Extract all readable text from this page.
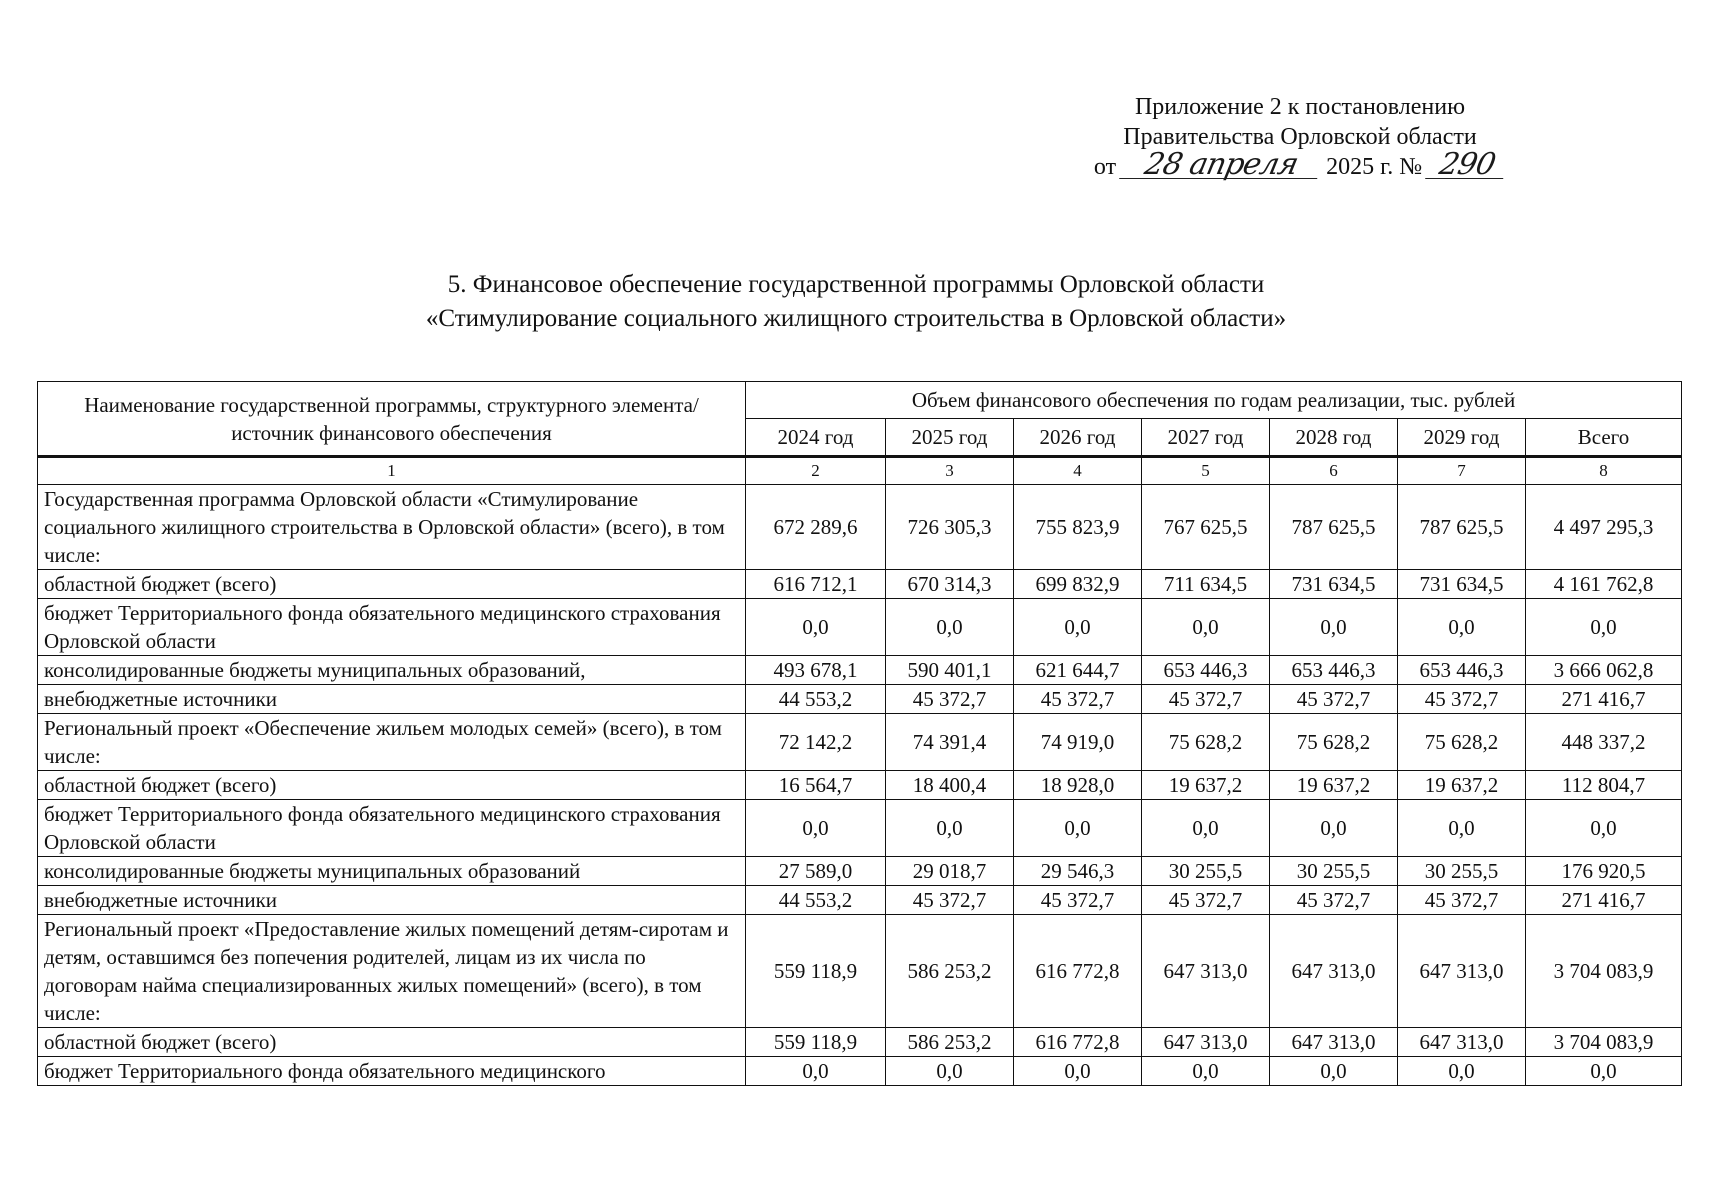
Приложение 2 к постановлению
Правительства Орловской области
от 28 апреля 2025 г. № 290
5. Финансовое обеспечение государственной программы Орловской области
«Стимулирование социального жилищного строительства в Орловской области»
Наименование государственной программы, структурного элемента/источник финансового обеспечения	Объем финансового обеспечения по годам реализации, тыс. рублей						
	2024 год	2025 год	2026 год	2027 год	2028 год	2029 год	Всего
1	2	3	4	5	6	7	8
Государственная программа Орловской области «Стимулирование социального жилищного строительства в Орловской области» (всего), в том числе:	672 289,6	726 305,3	755 823,9	767 625,5	787 625,5	787 625,5	4 497 295,3
областной бюджет (всего)	616 712,1	670 314,3	699 832,9	711 634,5	731 634,5	731 634,5	4 161 762,8
бюджет Территориального фонда обязательного медицинского страхования Орловской области	0,0	0,0	0,0	0,0	0,0	0,0	0,0
консолидированные бюджеты муниципальных образований,	493 678,1	590 401,1	621 644,7	653 446,3	653 446,3	653 446,3	3 666 062,8
внебюджетные источники	44 553,2	45 372,7	45 372,7	45 372,7	45 372,7	45 372,7	271 416,7
Региональный проект «Обеспечение жильем молодых семей» (всего), в том числе:	72 142,2	74 391,4	74 919,0	75 628,2	75 628,2	75 628,2	448 337,2
областной бюджет (всего)	16 564,7	18 400,4	18 928,0	19 637,2	19 637,2	19 637,2	112 804,7
бюджет Территориального фонда обязательного медицинского страхования Орловской области	0,0	0,0	0,0	0,0	0,0	0,0	0,0
консолидированные бюджеты муниципальных образований	27 589,0	29 018,7	29 546,3	30 255,5	30 255,5	30 255,5	176 920,5
внебюджетные источники	44 553,2	45 372,7	45 372,7	45 372,7	45 372,7	45 372,7	271 416,7
Региональный проект «Предоставление жилых помещений детям-сиротам и детям, оставшимся без попечения родителей, лицам из их числа по договорам найма специализированных жилых помещений» (всего), в том числе:	559 118,9	586 253,2	616 772,8	647 313,0	647 313,0	647 313,0	3 704 083,9
областной бюджет (всего)	559 118,9	586 253,2	616 772,8	647 313,0	647 313,0	647 313,0	3 704 083,9
бюджет Территориального фонда обязательного медицинского	0,0	0,0	0,0	0,0	0,0	0,0	0,0
